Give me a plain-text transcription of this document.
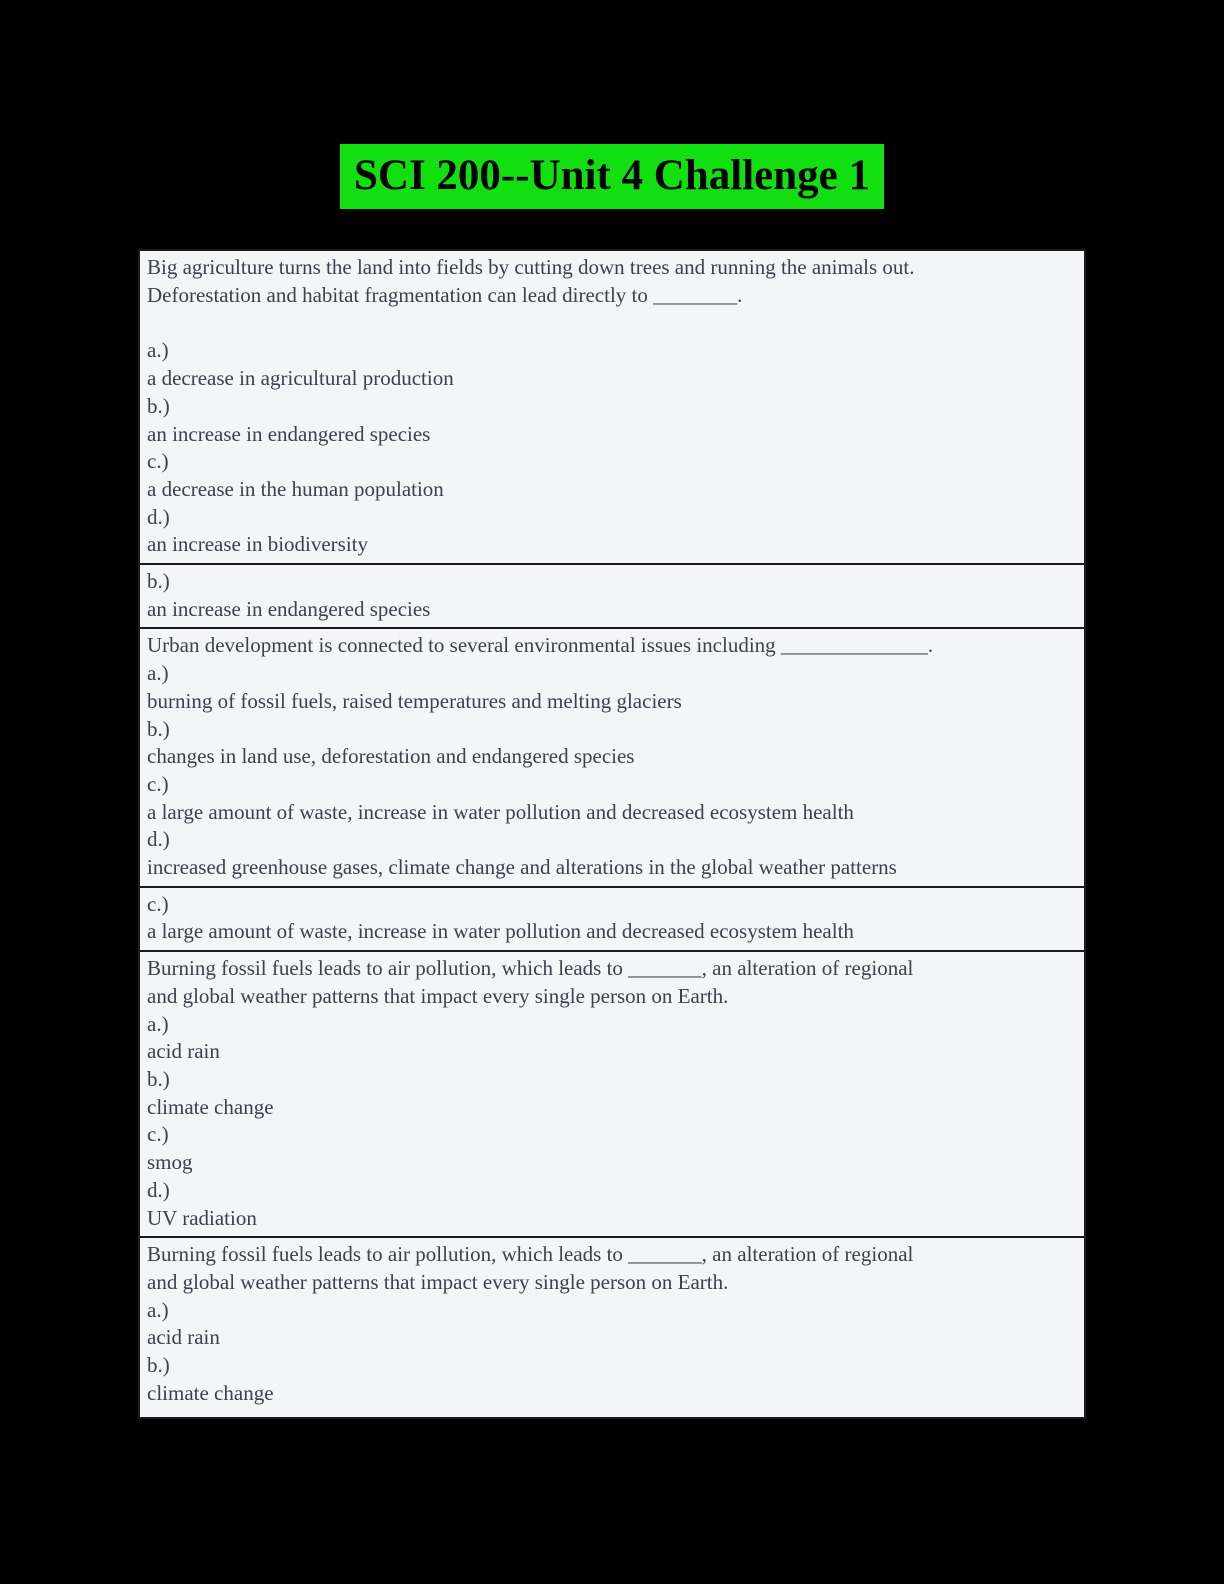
SCI 200--Unit 4 Challenge 1
Big agriculture turns the land into fields by cutting down trees and running the animals out.
Deforestation and habitat fragmentation can lead directly to ________.
a.)
a decrease in agricultural production
b.)
an increase in endangered species
c.)
a decrease in the human population
d.)
an increase in biodiversity
b.)
an increase in endangered species
Urban development is connected to several environmental issues including ______________.
a.)
burning of fossil fuels, raised temperatures and melting glaciers
b.)
changes in land use, deforestation and endangered species
c.)
a large amount of waste, increase in water pollution and decreased ecosystem health
d.)
increased greenhouse gases, climate change and alterations in the global weather patterns
c.)
a large amount of waste, increase in water pollution and decreased ecosystem health
Burning fossil fuels leads to air pollution, which leads to _______, an alteration of regional
and global weather patterns that impact every single person on Earth.
a.)
acid rain
b.)
climate change
c.)
smog
d.)
UV radiation
Burning fossil fuels leads to air pollution, which leads to _______, an alteration of regional
and global weather patterns that impact every single person on Earth.
a.)
acid rain
b.)
climate change
